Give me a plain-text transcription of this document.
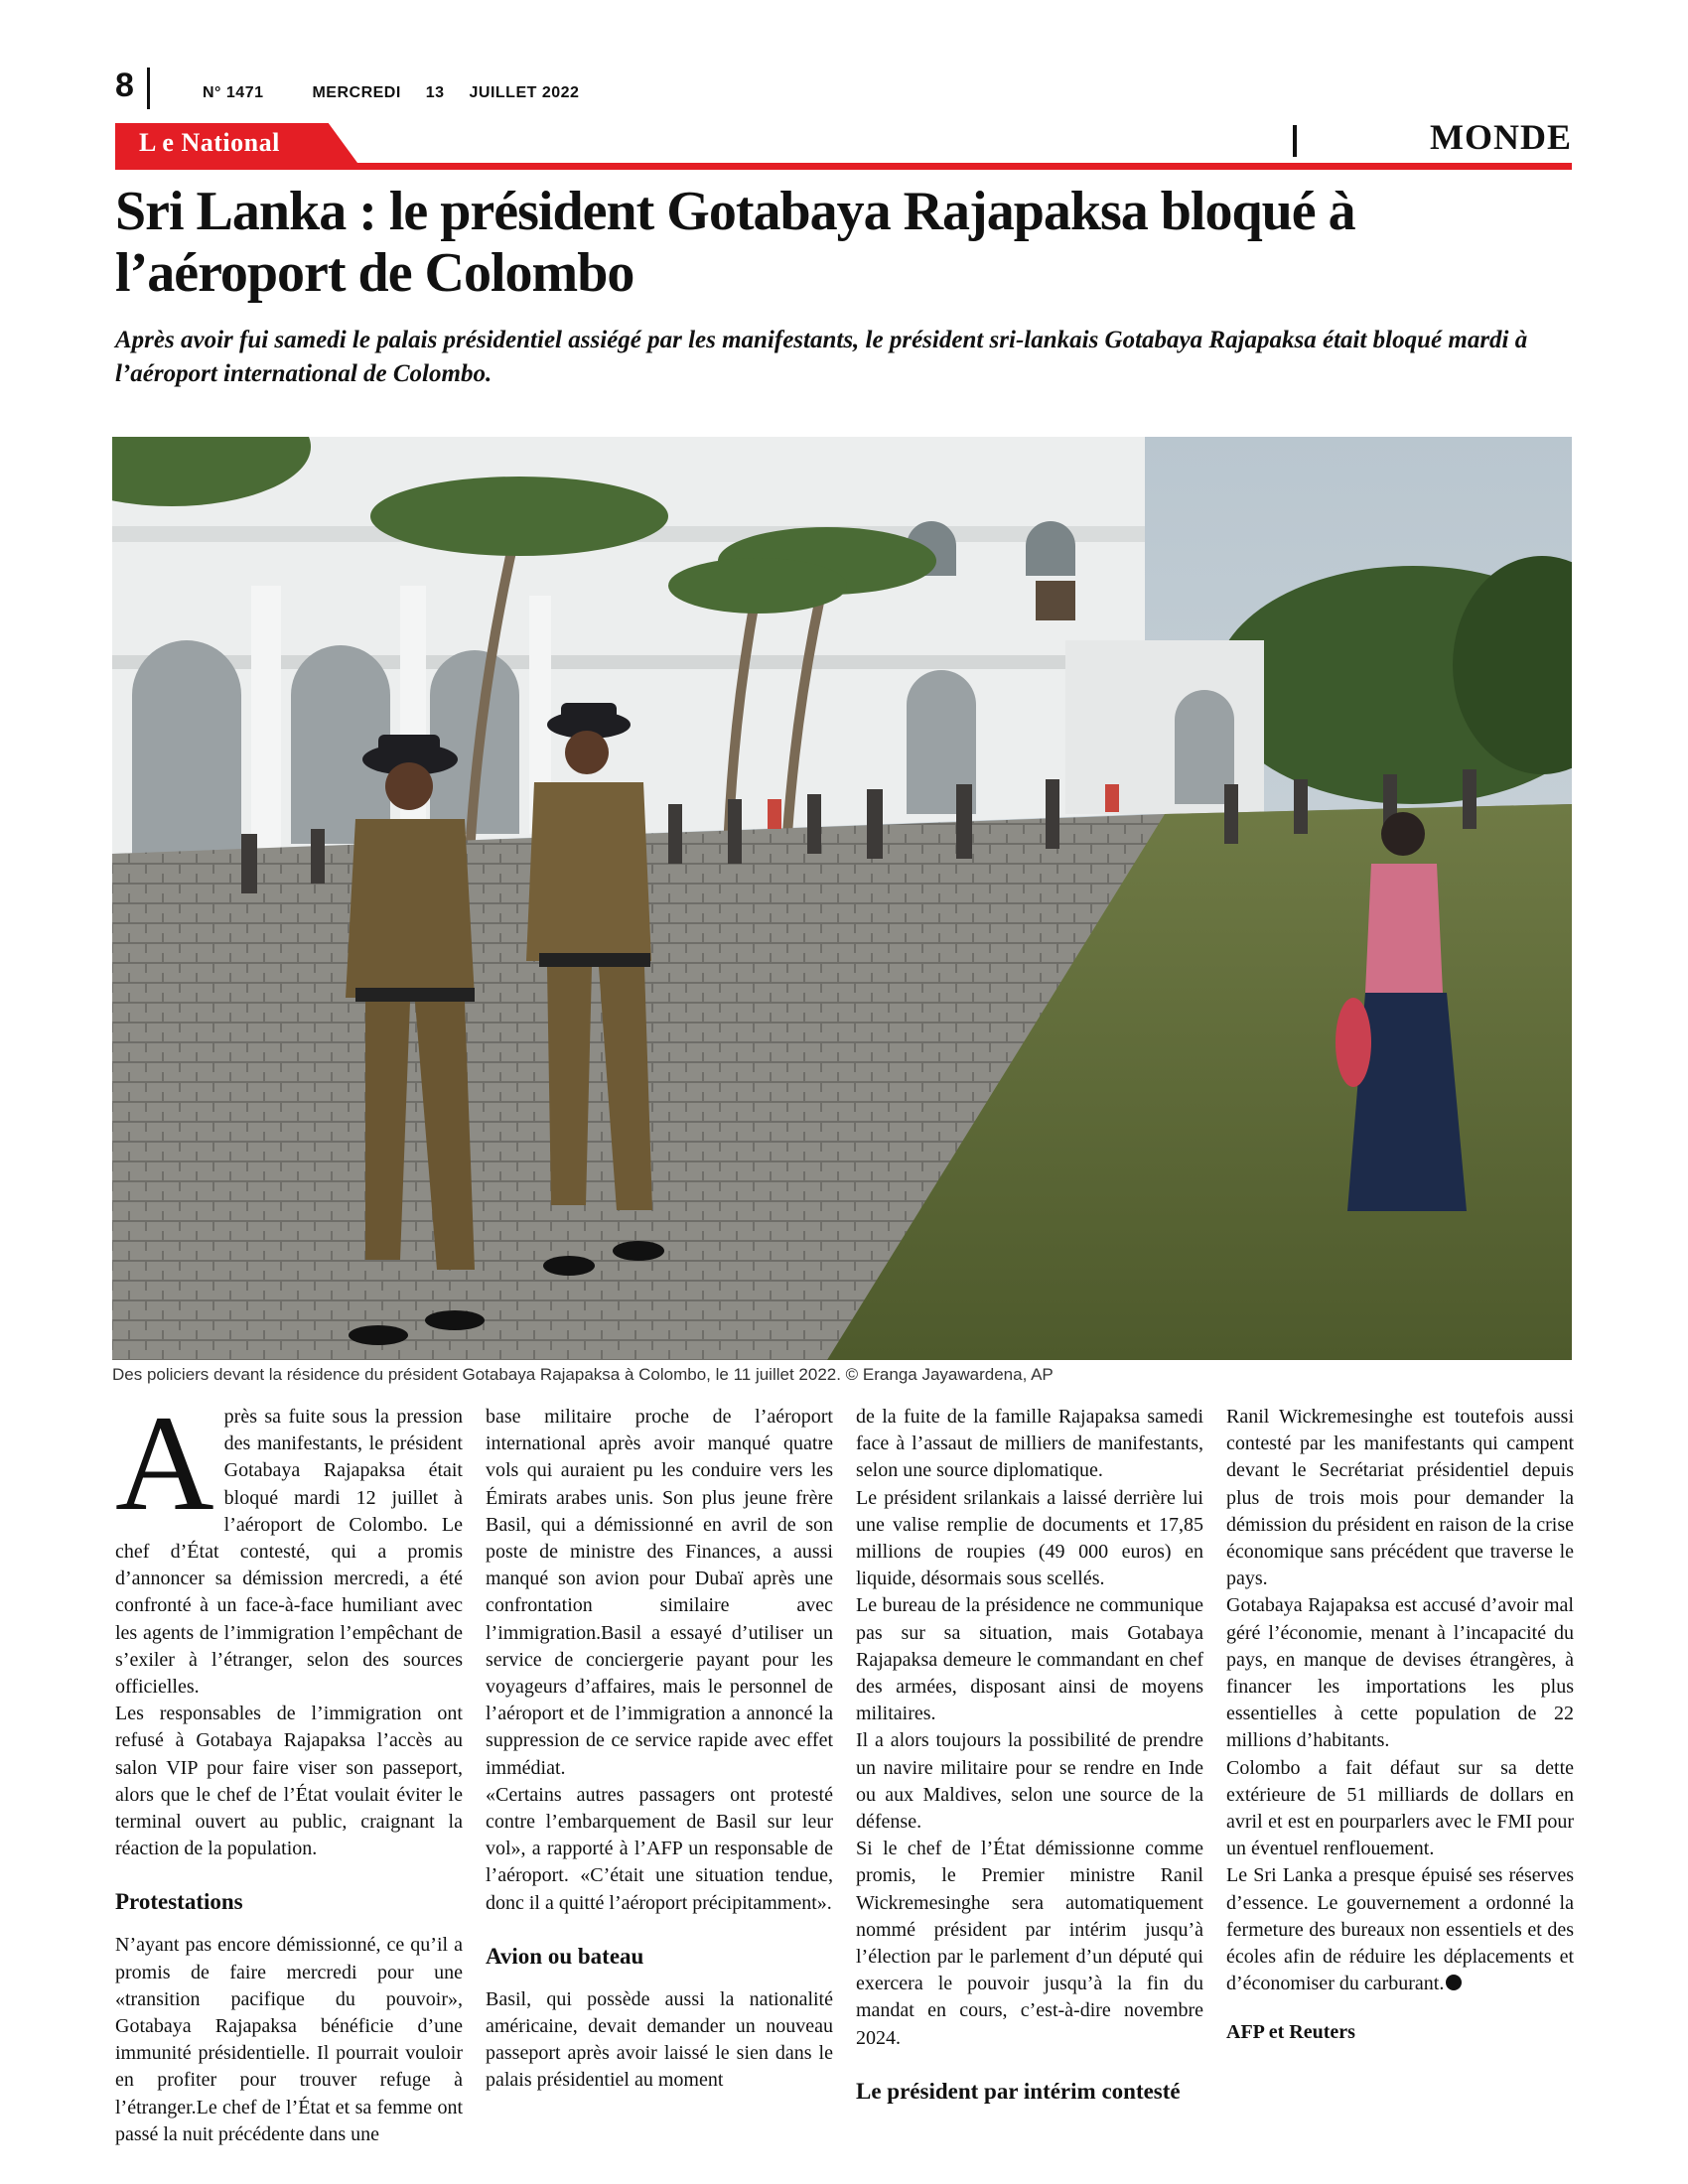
8	N° 1471	MERCREDI 13 JUILLET 2022
L e National	MONDE
Sri Lanka : le président Gotabaya Rajapaksa bloqué à l’aéroport de Colombo

Après avoir fui samedi le palais présidentiel assiégé par les manifestants, le président sri-lankais Gotabaya Rajapaksa était bloqué mardi à l’aéroport international de Colombo.

Des policiers devant la résidence du président Gotabaya Rajapaksa à Colombo, le 11 juillet 2022. © Eranga Jayawardena, AP

Après sa fuite sous la pression des manifestants, le président Gotabaya Rajapaksa était bloqué mardi 12 juillet à l’aéroport de Colombo. Le chef d’État contesté, qui a promis d’annoncer sa démission mercredi, a été confronté à un face-à-face humiliant avec les agents de l’immigration l’empêchant de s’exiler à l’étranger, selon des sources officielles.

Les responsables de l’immigration ont refusé à Gotabaya Rajapaksa l’accès au salon VIP pour faire viser son passeport, alors que le chef de l’État voulait éviter le terminal ouvert au public, craignant la réaction de la population.

Protestations

N’ayant pas encore démissionné, ce qu’il a promis de faire mercredi pour une «transition pacifique du pouvoir», Gotabaya Rajapaksa bénéficie d’une immunité présidentielle. Il pourrait vouloir en profiter pour trouver refuge à l’étranger.Le chef de l’État et sa femme ont passé la nuit précédente dans une

base militaire proche de l’aéroport international après avoir manqué quatre vols qui auraient pu les conduire vers les Émirats arabes unis. Son plus jeune frère Basil, qui a démissionné en avril de son poste de ministre des Finances, a aussi manqué son avion pour Dubaï après une confrontation similaire avec l’immigration.Basil a essayé d’utiliser un service de conciergerie payant pour les voyageurs d’affaires, mais le personnel de l’aéroport et de l’immigration a annoncé la suppression de ce service rapide avec effet immédiat.

«Certains autres passagers ont protesté contre l’embarquement de Basil sur leur vol», a rapporté à l’AFP un responsable de l’aéroport. «C’était une situation tendue, donc il a quitté l’aéroport précipitamment».

Avion ou bateau

Basil, qui possède aussi la nationalité américaine, devait demander un nouveau passeport après avoir laissé le sien dans le palais présidentiel au moment

de la fuite de la famille Rajapaksa samedi face à l’assaut de milliers de manifestants, selon une source diplomatique.

Le président srilankais a laissé derrière lui une valise remplie de documents et 17,85 millions de roupies (49 000 euros) en liquide, désormais sous scellés.

Le bureau de la présidence ne communique pas sur sa situation, mais Gotabaya Rajapaksa demeure le commandant en chef des armées, disposant ainsi de moyens militaires.

Il a alors toujours la possibilité de prendre un navire militaire pour se rendre en Inde ou aux Maldives, selon une source de la défense.

Si le chef de l’État démissionne comme promis, le Premier ministre Ranil Wickremesinghe sera automatiquement nommé président par intérim jusqu’à l’élection par le parlement d’un député qui exercera le pouvoir jusqu’à la fin du mandat en cours, c’est-à-dire novembre 2024.

Le président par intérim contesté

Ranil Wickremesinghe est toutefois aussi contesté par les manifestants qui campent devant le Secrétariat présidentiel depuis plus de trois mois pour demander la démission du président en raison de la crise économique sans précédent que traverse le pays.

Gotabaya Rajapaksa est accusé d’avoir mal géré l’économie, menant à l’incapacité du pays, en manque de devises étrangères, à financer les importations les plus essentielles à cette population de 22 millions d’habitants.

Colombo a fait défaut sur sa dette extérieure de 51 milliards de dollars en avril et est en pourparlers avec le FMI pour un éventuel renflouement.

Le Sri Lanka a presque épuisé ses réserves d’essence. Le gouvernement a ordonné la fermeture des bureaux non essentiels et des écoles afin de réduire les déplacements et d’économiser du carburant.

AFP et Reuters
